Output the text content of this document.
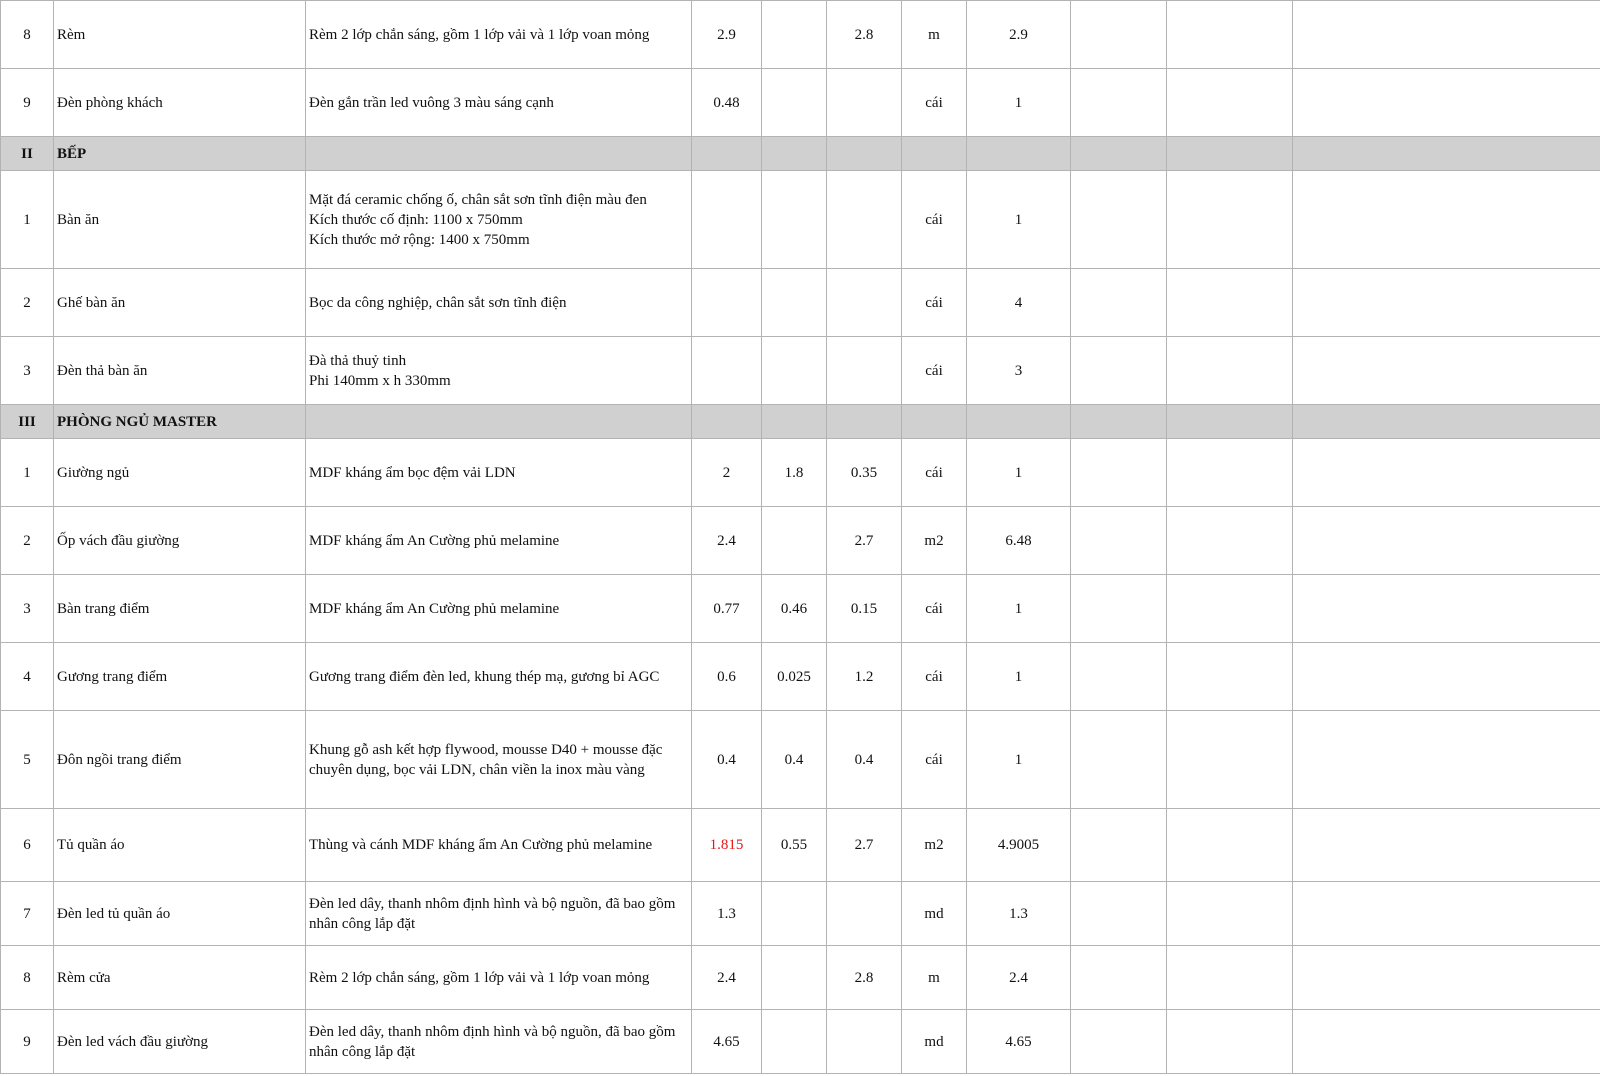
8	Rèm	Rèm 2 lớp chắn sáng, gồm 1 lớp vải và 1 lớp voan mỏng	2.9		2.8	m	2.9			
9	Đèn phòng khách	Đèn gắn trần led vuông 3 màu sáng cạnh	0.48			cái	1			
II	BẾP									
1	Bàn ăn	Mặt đá ceramic chống ố, chân sắt sơn tĩnh điện màu đen
Kích thước cố định: 1100 x 750mm
Kích thước mở rộng: 1400 x 750mm				cái	1			
2	Ghế bàn ăn	Bọc da công nghiệp, chân sắt sơn tĩnh điện				cái	4			
3	Đèn thả bàn ăn	Đà thả thuỷ tinh
Phi 140mm x h 330mm				cái	3			
III	PHÒNG NGỦ MASTER									
1	Giường ngủ	MDF kháng ẩm bọc đệm vải LDN	2	1.8	0.35	cái	1			
2	Ốp vách đầu giường	MDF kháng ẩm An Cường phủ melamine	2.4		2.7	m2	6.48			
3	Bàn trang điểm	MDF kháng ẩm An Cường phủ melamine	0.77	0.46	0.15	cái	1			
4	Gương trang điểm	Gương trang điểm đèn led, khung thép mạ, gương bỉ AGC	0.6	0.025	1.2	cái	1			
5	Đôn ngồi trang điểm	Khung gỗ ash kết hợp flywood, mousse D40 + mousse đặc chuyên dụng, bọc vải LDN, chân viền la inox màu vàng	0.4	0.4	0.4	cái	1			
6	Tủ quần áo	Thùng và cánh MDF kháng ẩm An Cường phủ melamine	1.815	0.55	2.7	m2	4.9005			
7	Đèn led tủ quần áo	Đèn led dây, thanh nhôm định hình và bộ nguồn, đã bao gồm nhân công lắp đặt	1.3			md	1.3			
8	Rèm cửa	Rèm 2 lớp chắn sáng, gồm 1 lớp vải và 1 lớp voan mỏng	2.4		2.8	m	2.4			
9	Đèn led vách đầu giường	Đèn led dây, thanh nhôm định hình và bộ nguồn, đã bao gồm nhân công lắp đặt	4.65			md	4.65			
